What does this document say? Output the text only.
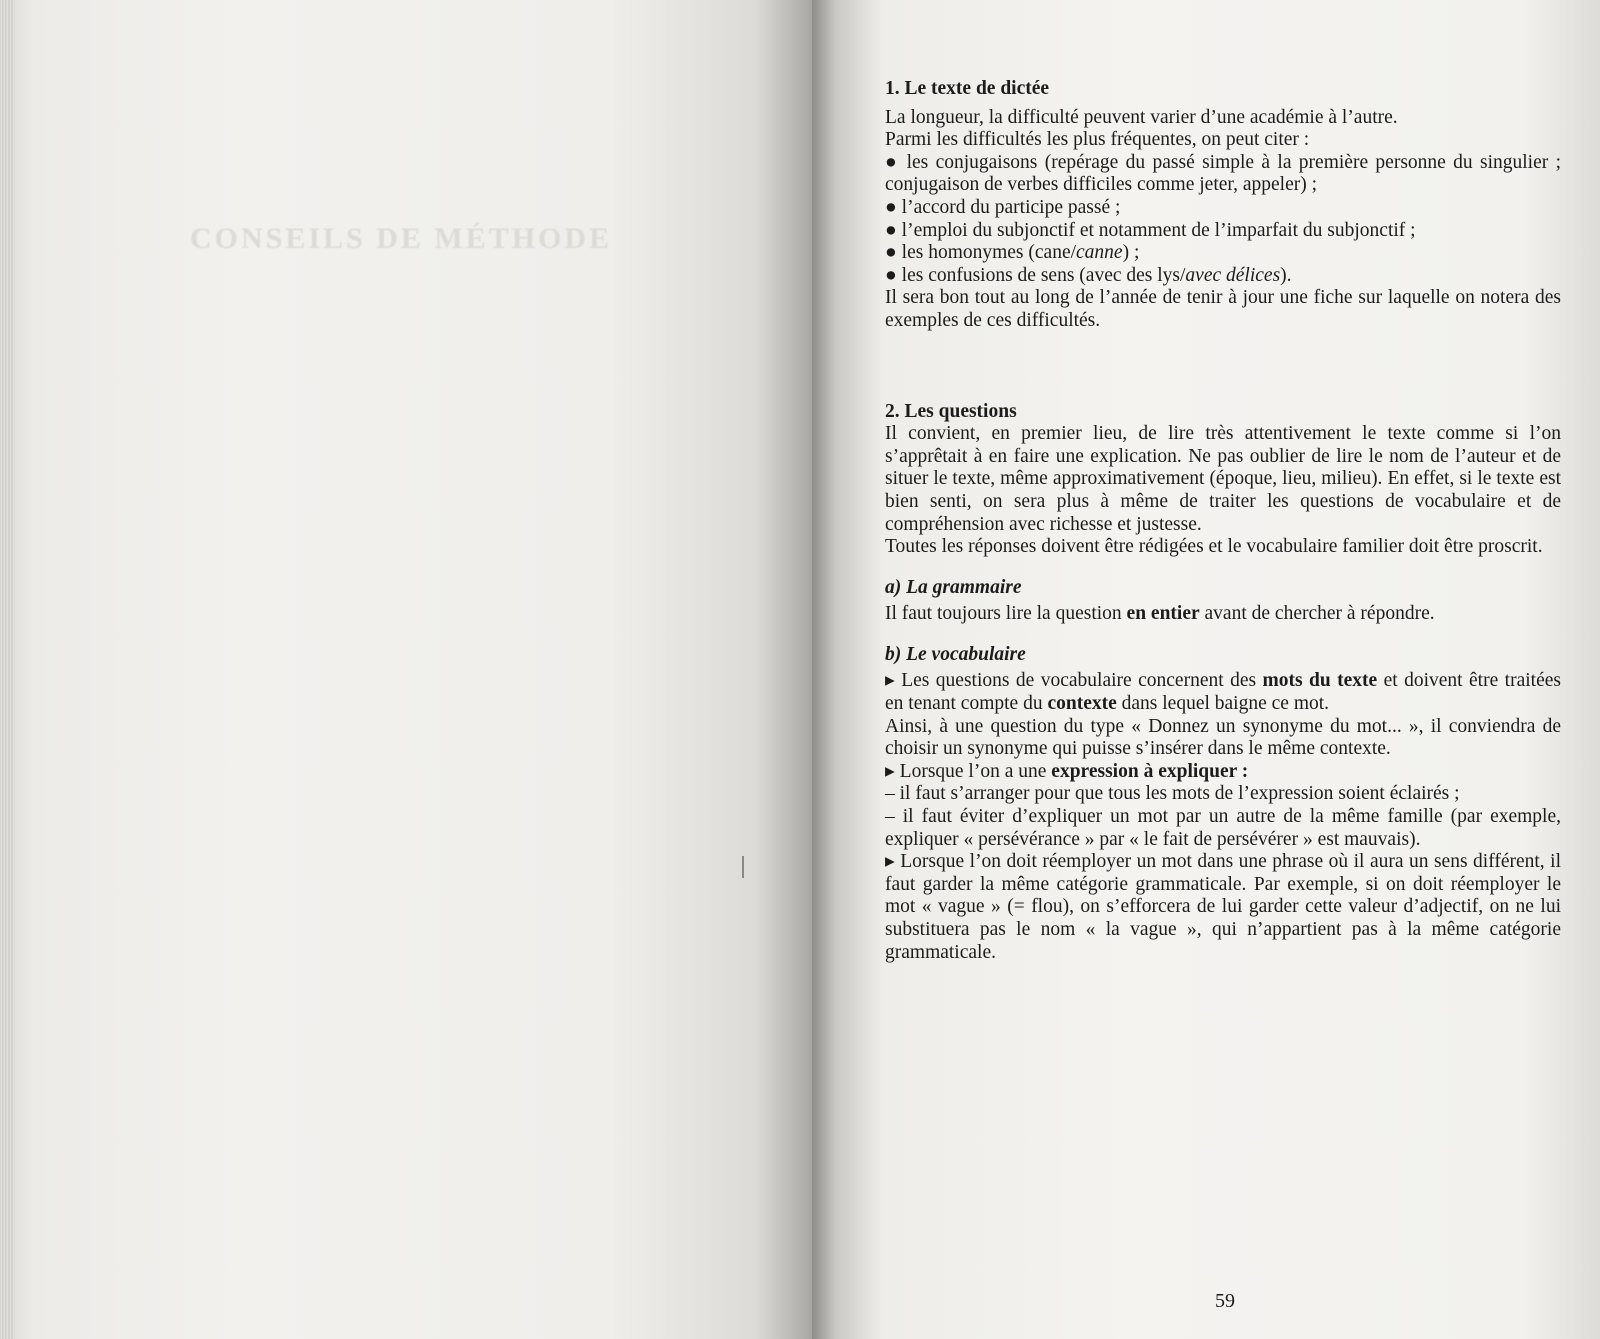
CONSEILS DE MÉTHODE

1. Le texte de dictée

La longueur, la difficulté peuvent varier d’une académie à l’autre.

Parmi les difficultés les plus fréquentes, on peut citer :

● les conjugaisons (repérage du passé simple à la première personne du singulier ; conjugaison de verbes difficiles comme jeter, appeler) ;

● l’accord du participe passé ;

● l’emploi du subjonctif et notamment de l’imparfait du subjonctif ;

● les homonymes (cane/canne) ;

● les confusions de sens (avec des lys/avec délices).

Il sera bon tout au long de l’année de tenir à jour une fiche sur laquelle on notera des exemples de ces difficultés.

2. Les questions

Il convient, en premier lieu, de lire très attentivement le texte comme si l’on s’apprêtait à en faire une explication. Ne pas oublier de lire le nom de l’auteur et de situer le texte, même approximativement (époque, lieu, milieu). En effet, si le texte est bien senti, on sera plus à même de traiter les questions de vocabulaire et de compréhension avec richesse et justesse.

Toutes les réponses doivent être rédigées et le vocabulaire familier doit être proscrit.

a) La grammaire

Il faut toujours lire la question en entier avant de chercher à répondre.

b) Le vocabulaire

▸ Les questions de vocabulaire concernent des mots du texte et doivent être traitées en tenant compte du contexte dans lequel baigne ce mot.

Ainsi, à une question du type « Donnez un synonyme du mot... », il conviendra de choisir un synonyme qui puisse s’insérer dans le même contexte.

▸ Lorsque l’on a une expression à expliquer :

– il faut s’arranger pour que tous les mots de l’expression soient éclairés ;

– il faut éviter d’expliquer un mot par un autre de la même famille (par exemple, expliquer « persévérance » par « le fait de persévérer » est mauvais).

▸ Lorsque l’on doit réemployer un mot dans une phrase où il aura un sens différent, il faut garder la même catégorie grammaticale. Par exemple, si on doit réemployer le mot « vague » (= flou), on s’efforcera de lui garder cette valeur d’adjectif, on ne lui substituera pas le nom « la vague », qui n’appartient pas à la même catégorie grammaticale.

59
